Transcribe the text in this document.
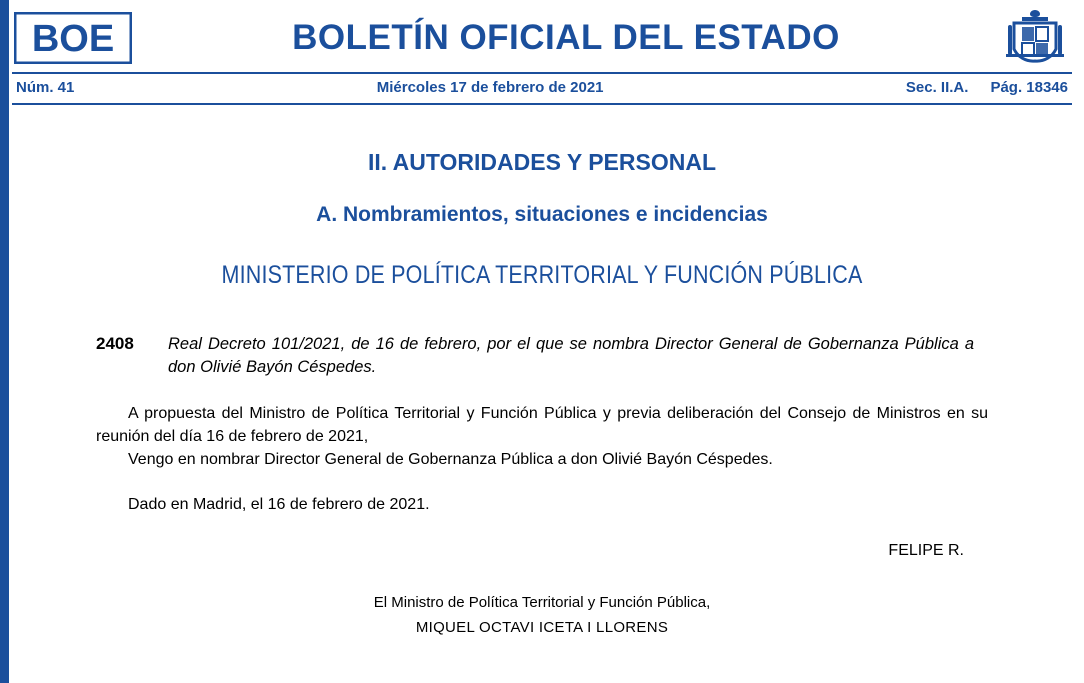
BOE	BOLETÍN OFICIAL DEL ESTADO
Núm. 41	Miércoles 17 de febrero de 2021	Sec. II.A. Pág. 18346
II. AUTORIDADES Y PERSONAL
A. Nombramientos, situaciones e incidencias
MINISTERIO DE POLÍTICA TERRITORIAL Y FUNCIÓN PÚBLICA
2408	Real Decreto 101/2021, de 16 de febrero, por el que se nombra Director General de Gobernanza Pública a don Olivié Bayón Céspedes.
A propuesta del Ministro de Política Territorial y Función Pública y previa deliberación del Consejo de Ministros en su reunión del día 16 de febrero de 2021,
Vengo en nombrar Director General de Gobernanza Pública a don Olivié Bayón Céspedes.
Dado en Madrid, el 16 de febrero de 2021.
FELIPE R.
El Ministro de Política Territorial y Función Pública,
MIQUEL OCTAVI ICETA I LLORENS
